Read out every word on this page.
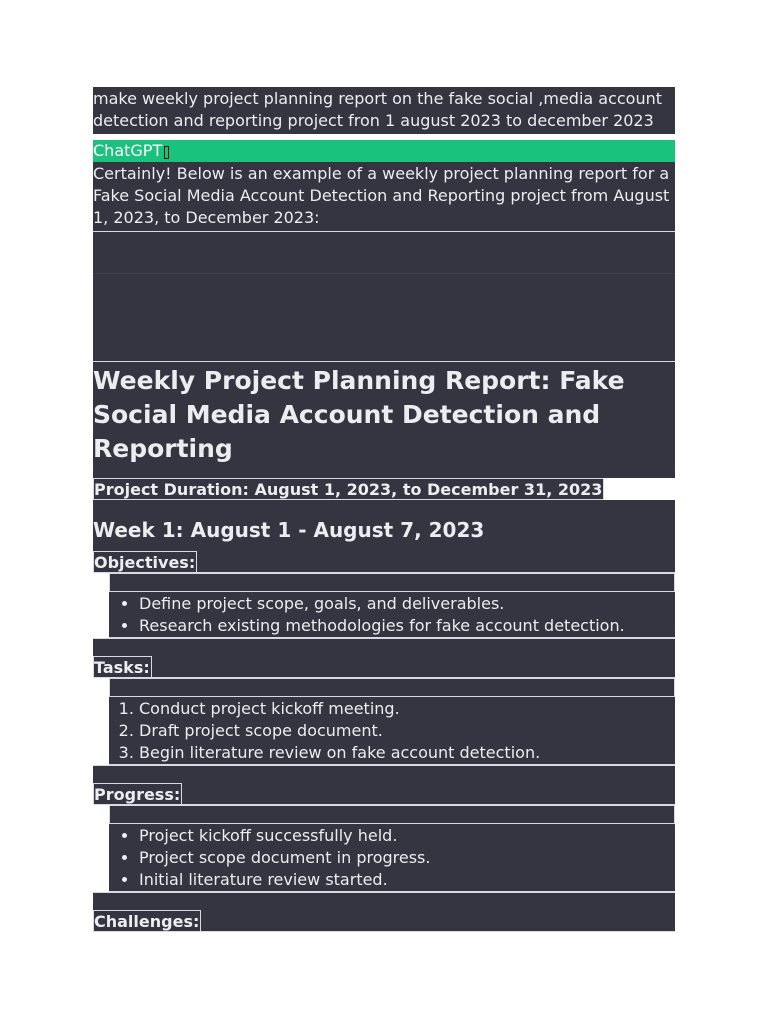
make weekly project planning report on the fake social ,media account detection and reporting project fron 1 august 2023 to december 2023
ChatGPT
Certainly! Below is an example of a weekly project planning report for a Fake Social Media Account Detection and Reporting project from August 1, 2023, to December 2023:
Weekly Project Planning Report: Fake Social Media Account Detection and Reporting
Project Duration: August 1, 2023, to December 31, 2023
Week 1: August 1 - August 7, 2023
Objectives:
• Define project scope, goals, and deliverables.
• Research existing methodologies for fake account detection.
Tasks:
1. Conduct project kickoff meeting.
2. Draft project scope document.
3. Begin literature review on fake account detection.
Progress:
• Project kickoff successfully held.
• Project scope document in progress.
• Initial literature review started.
Challenges:
